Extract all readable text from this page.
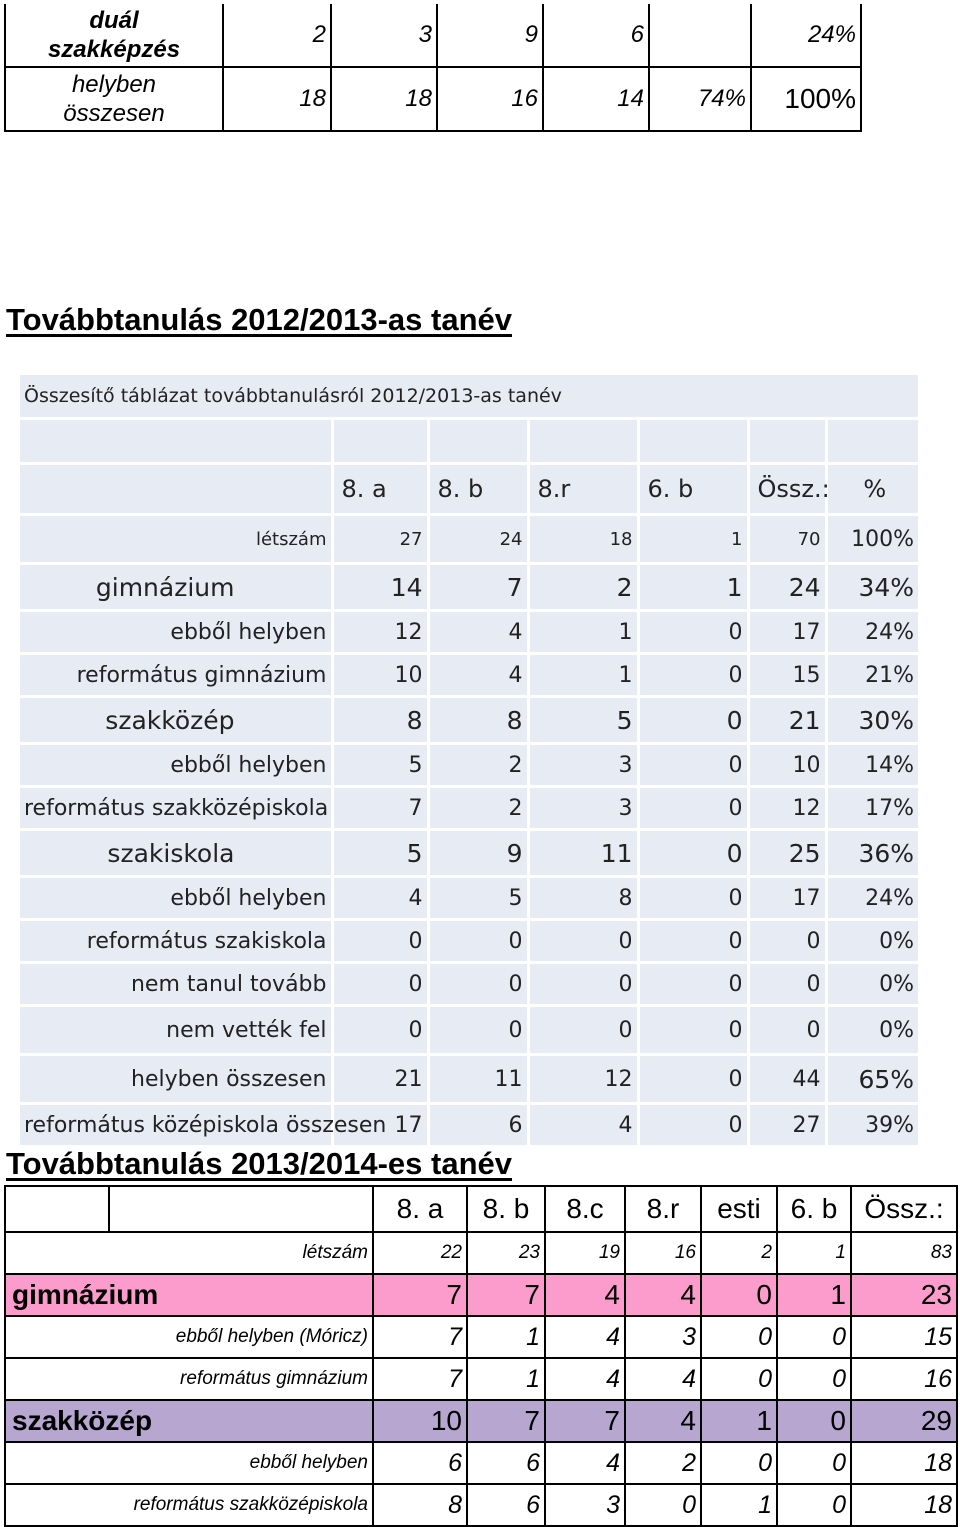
duál
szakképzés	2	3	9	6		24%
helyben
összesen	18	18	16	14	74%	100%
Továbbtanulás 2012/2013-as tanév
Összesítő táblázat továbbtanulásról 2012/2013-as tanév						

	8. a	8. b	8.r	6. b	Össz.:	%
létszám	27	24	18	1	70	100%
gimnázium	14	7	2	1	24	34%
ebből helyben	12	4	1	0	17	24%
református gimnázium	10	4	1	0	15	21%
szakközép	8	8	5	0	21	30%
ebből helyben	5	2	3	0	10	14%
református szakközépiskola	7	2	3	0	12	17%
szakiskola	5	9	11	0	25	36%
ebből helyben	4	5	8	0	17	24%
református szakiskola	0	0	0	0	0	0%
nem tanul tovább	0	0	0	0	0	0%
nem vették fel	0	0	0	0	0	0%
helyben összesen	21	11	12	0	44	65%
református középiskola összesen	17	6	4	0	27	39%
Továbbtanulás 2013/2014-es tanév
		8. a	8. b	8.c	8.r	esti	6. b	Össz.:
létszám		22	23	19	16	2	1	83
gimnázium		7	7	4	4	0	1	23
ebből helyben (Móricz)		7	1	4	3	0	0	15
református gimnázium		7	1	4	4	0	0	16
szakközép		10	7	7	4	1	0	29
ebből helyben		6	6	4	2	0	0	18
református szakközépiskola		8	6	3	0	1	0	18
